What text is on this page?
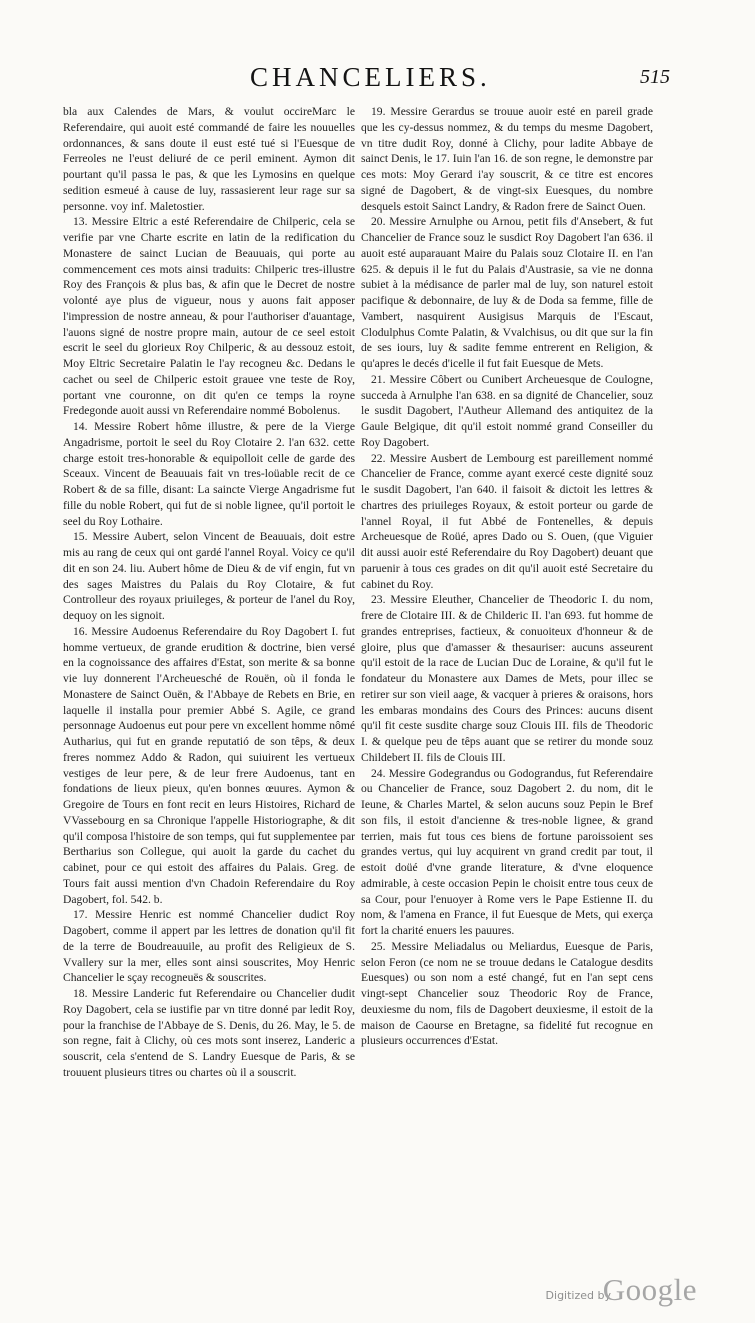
CHANCELIERS.	515

bla aux Calendes de Mars, & voulut occireMarc le Referendaire, qui auoit esté commandé de faire les nouuelles ordonnances, & sans doute il eust esté tué si l'Euesque de Ferreoles ne l'eust deliuré de ce peril eminent. Aymon dit pourtant qu'il passa le pas, & que les Lymosins en quelque sedition esmeué à cause de luy, rassasierent leur rage sur sa personne. voy inf. Maletostier.

13. Messire Eltric a esté Referendaire de Chilperic, cela se verifie par vne Charte escrite en latin de la redification du Monastere de sainct Lucian de Beauuais, qui porte au commencement ces mots ainsi traduits: Chilperic tres-illustre Roy des François & plus bas, & afin que le Decret de nostre volonté aye plus de vigueur, nous y auons fait apposer l'impression de nostre anneau, & pour l'authoriser d'auantage, l'auons signé de nostre propre main, autour de ce seel estoit escrit le seel du glorieux Roy Chilperic, & au dessouz estoit, Moy Eltric Secretaire Palatin le l'ay recogneu &c. Dedans le cachet ou seel de Chilperic estoit grauee vne teste de Roy, portant vne couronne, on dit qu'en ce temps la royne Fredegonde auoit aussi vn Referendaire nommé Bobolenus.

14. Messire Robert hôme illustre, & pere de la Vierge Angadrisme, portoit le seel du Roy Clotaire 2. l'an 632. cette charge estoit tres-honorable & equipolloit celle de garde des Sceaux. Vincent de Beauuais fait vn tres-loüable recit de ce Robert & de sa fille, disant: La saincte Vierge Angadrisme fut fille du noble Robert, qui fut de si noble lignee, qu'il portoit le seel du Roy Lothaire.

15. Messire Aubert, selon Vincent de Beauuais, doit estre mis au rang de ceux qui ont gardé l'annel Royal. Voicy ce qu'il dit en son 24. liu. Aubert hôme de Dieu & de vif engin, fut vn des sages Maistres du Palais du Roy Clotaire, & fut Controlleur des royaux priuileges, & porteur de l'anel du Roy, dequoy on les signoit.

16. Messire Audoenus Referendaire du Roy Dagobert I. fut homme vertueux, de grande erudition & doctrine, bien versé en la cognoissance des affaires d'Estat, son merite & sa bonne vie luy donnerent l'Archeuesché de Rouën, où il fonda le Monastere de Sainct Ouën, & l'Abbaye de Rebets en Brie, en laquelle il installa pour premier Abbé S. Agile, ce grand personnage Audoenus eut pour pere vn excellent homme nômé Autharius, qui fut en grande reputatió de son têps, & deux freres nommez Addo & Radon, qui suiuirent les vertueux vestiges de leur pere, & de leur frere Audoenus, tant en fondations de lieux pieux, qu'en bonnes œuures. Aymon & Gregoire de Tours en font recit en leurs Histoires, Richard de VVassebourg en sa Chronique l'appelle Historiographe, & dit qu'il composa l'histoire de son temps, qui fut supplementee par Bertharius son Collegue, qui auoit la garde du cachet du cabinet, pour ce qui estoit des affaires du Palais. Greg. de Tours fait aussi mention d'vn Chadoin Referendaire du Roy Dagobert, fol. 542. b.

17. Messire Henric est nommé Chancelier dudict Roy Dagobert, comme il appert par les lettres de donation qu'il fit de la terre de Boudreauuile, au profit des Religieux de S. Vvallery sur la mer, elles sont ainsi souscrites, Moy Henric Chancelier le sçay recogneuës & souscrites.

18. Messire Landeric fut Referendaire ou Chancelier dudit Roy Dagobert, cela se iustifie par vn titre donné par ledit Roy, pour la franchise de l'Abbaye de S. Denis, du 26. May, le 5. de son regne, fait à Clichy, où ces mots sont inserez, Landeric a souscrit, cela s'entend de S. Landry Euesque de Paris, & se trouuent plusieurs titres ou chartes où il a souscrit.

19. Messire Gerardus se trouue auoir esté en pareil grade que les cy-dessus nommez, & du temps du mesme Dagobert, vn titre dudit Roy, donné à Clichy, pour ladite Abbaye de sainct Denis, le 17. Iuin l'an 16. de son regne, le demonstre par ces mots: Moy Gerard i'ay souscrit, & ce titre est encores signé de Dagobert, & de vingt-six Euesques, du nombre desquels estoit Sainct Landry, & Radon frere de Sainct Ouen.

20. Messire Arnulphe ou Arnou, petit fils d'Ansebert, & fut Chancelier de France souz le susdict Roy Dagobert l'an 636. il auoit esté auparauant Maire du Palais souz Clotaire II. en l'an 625. & depuis il le fut du Palais d'Austrasie, sa vie ne donna subiet à la médisance de parler mal de luy, son naturel estoit pacifique & debonnaire, de luy & de Doda sa femme, fille de Vambert, nasquirent Ausigisus Marquis de l'Escaut, Clodulphus Comte Palatin, & Vvalchisus, ou dit que sur la fin de ses iours, luy & sadite femme entrerent en Religion, & qu'apres le decés d'icelle il fut fait Euesque de Mets.

21. Messire Côbert ou Cunibert Archeuesque de Coulogne, succeda à Arnulphe l'an 638. en sa dignité de Chancelier, souz le susdit Dagobert, l'Autheur Allemand des antiquitez de la Gaule Belgique, dit qu'il estoit nommé grand Conseiller du Roy Dagobert.

22. Messire Ausbert de Lembourg est pareillement nommé Chancelier de France, comme ayant exercé ceste dignité souz le susdit Dagobert, l'an 640. il faisoit & dictoit les lettres & chartres des priuileges Royaux, & estoit porteur ou garde de l'annel Royal, il fut Abbé de Fontenelles, & depuis Archeuesque de Roüé, apres Dado ou S. Ouen, (que Viguier dit aussi auoir esté Referendaire du Roy Dagobert) deuant que paruenir à tous ces grades on dit qu'il auoit esté Secretaire du cabinet du Roy.

23. Messire Eleuther, Chancelier de Theodoric I. du nom, frere de Clotaire III. & de Childeric II. l'an 693. fut homme de grandes entreprises, factieux, & conuoiteux d'honneur & de gloire, plus que d'amasser & thesauriser: aucuns asseurent qu'il estoit de la race de Lucian Duc de Loraine, & qu'il fut le fondateur du Monastere aux Dames de Mets, pour illec se retirer sur son vieil aage, & vacquer à prieres & oraisons, hors les embaras mondains des Cours des Princes: aucuns disent qu'il fit ceste susdite charge souz Clouis III. fils de Theodoric I. & quelque peu de têps auant que se retirer du monde souz Childebert II. fils de Clouis III.

24. Messire Godegrandus ou Godograndus, fut Referendaire ou Chancelier de France, souz Dagobert 2. du nom, dit le Ieune, & Charles Martel, & selon aucuns souz Pepin le Bref son fils, il estoit d'ancienne & tres-noble lignee, & grand terrien, mais fut tous ces biens de fortune paroissoient ses grandes vertus, qui luy acquirent vn grand credit par tout, il estoit doüé d'vne grande literature, & d'vne eloquence admirable, à ceste occasion Pepin le choisit entre tous ceux de sa Cour, pour l'enuoyer à Rome vers le Pape Estienne II. du nom, & l'amena en France, il fut Euesque de Mets, qui exerça fort la charité enuers les pauures.

25. Messire Meliadalus ou Meliardus, Euesque de Paris, selon Feron (ce nom ne se trouue dedans le Catalogue desdits Euesques) ou son nom a esté changé, fut en l'an sept cens vingt-sept Chancelier souz Theodoric Roy de France, deuxiesme du nom, fils de Dagobert deuxiesme, il estoit de la maison de Caourse en Bretagne, sa fidelité fut recognue en plusieurs occurrences d'Estat.

Digitized by
Google
